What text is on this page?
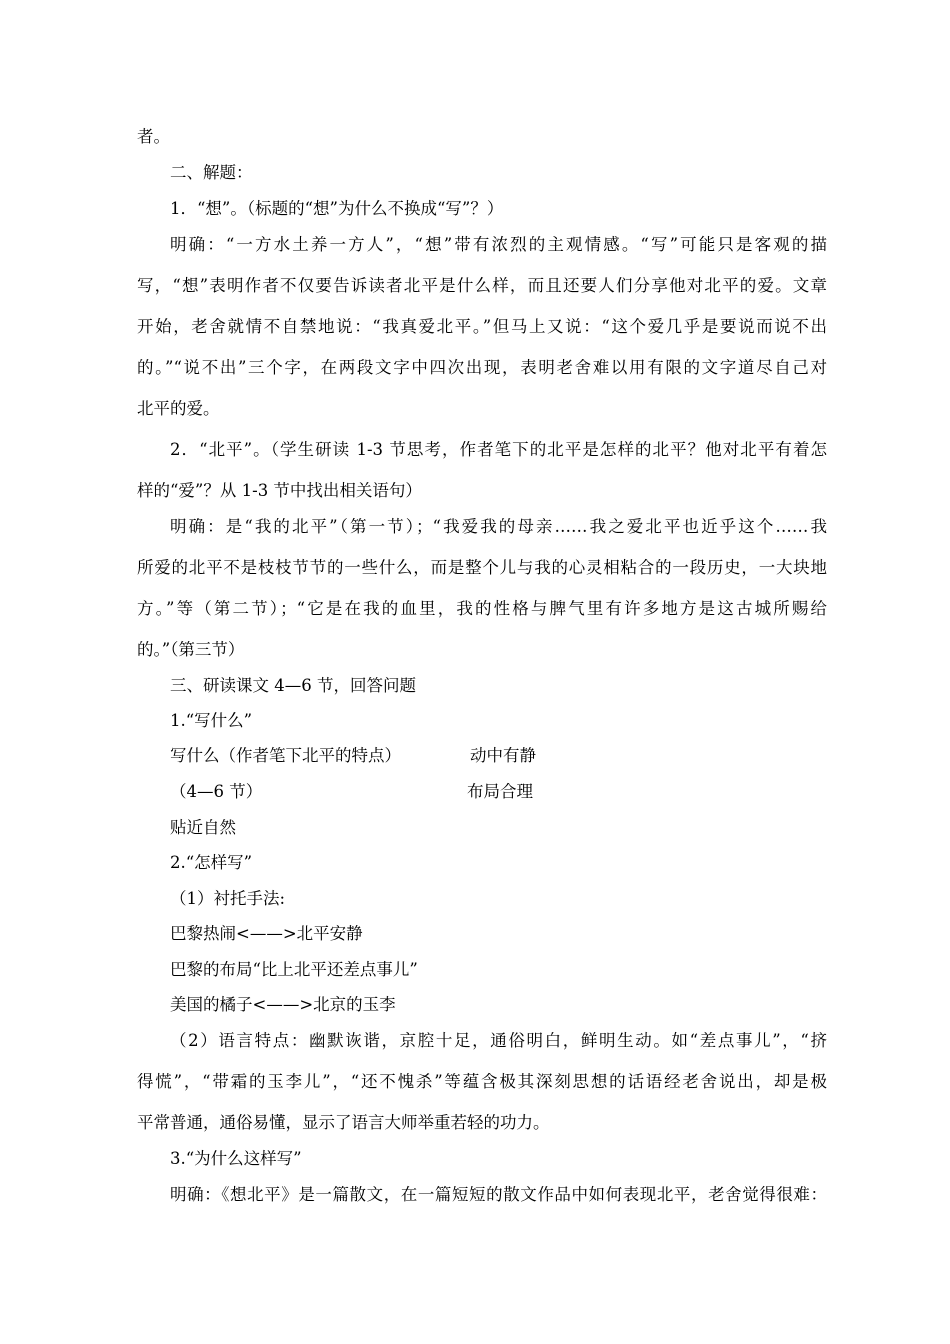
者。
二、解题：
1．“想”。（标题的“想”为什么不换成“写”？）
明确：“一方水土养一方人”，“想”带有浓烈的主观情感。“写”可能只是客观的描
写，“想”表明作者不仅要告诉读者北平是什么样，而且还要人们分享他对北平的爱。文章
开始，老舍就情不自禁地说：“我真爱北平。”但马上又说：“这个爱几乎是要说而说不出
的。”“说不出”三个字，在两段文字中四次出现，表明老舍难以用有限的文字道尽自己对
北平的爱。
2．“北平”。（学生研读 1-3 节思考，作者笔下的北平是怎样的北平？他对北平有着怎
样的“爱”？从 1-3 节中找出相关语句）
明确：是“我的北平”（第一节）；“我爱我的母亲……我之爱北平也近乎这个……我
所爱的北平不是枝枝节节的一些什么，而是整个儿与我的心灵相粘合的一段历史，一大块地
方。”等（第二节）；“它是在我的血里，我的性格与脾气里有许多地方是这古城所赐给
的。”（第三节）
三、研读课文 4—6 节，回答问题
1.“写什么”
写什么（作者笔下北平的特点）	动中有静
（4—6 节）	布局合理
贴近自然
2.“怎样写”
（1）衬托手法:
巴黎热闹<——>北平安静
巴黎的布局“比上北平还差点事儿”
美国的橘子<——>北京的玉李
（2）语言特点：幽默诙谐，京腔十足，通俗明白，鲜明生动。如“差点事儿”，“挤
得慌”，“带霜的玉李儿”，“还不愧杀”等蕴含极其深刻思想的话语经老舍说出，却是极
平常普通，通俗易懂，显示了语言大师举重若轻的功力。
3.“为什么这样写”
明确：《想北平》是一篇散文，在一篇短短的散文作品中如何表现北平，老舍觉得很难：
